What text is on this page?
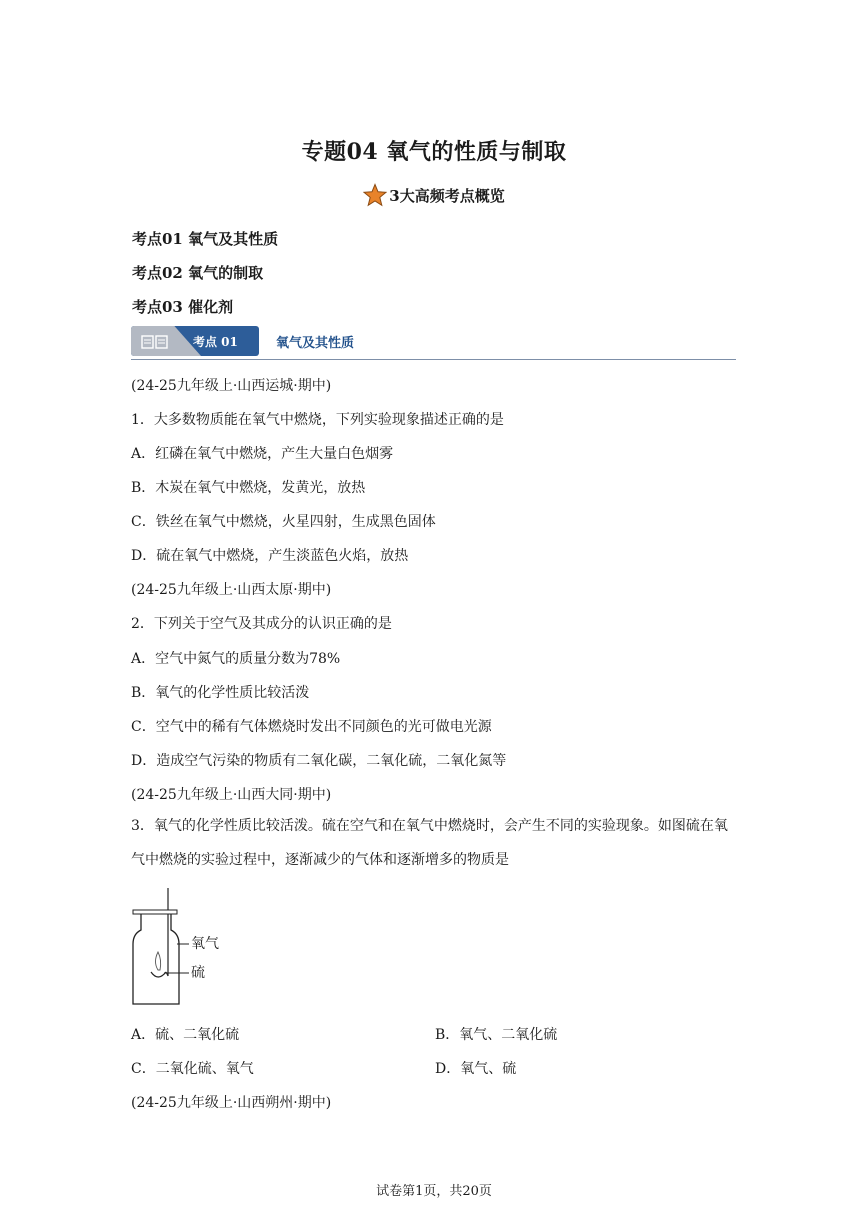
专题04 氧气的性质与制取
3大高频考点概览
考点01 氧气及其性质
考点02 氧气的制取
考点03 催化剂
考点 01	氧气及其性质
(24-25九年级上·山西运城·期中)
1．大多数物质能在氧气中燃烧，下列实验现象描述正确的是
A．红磷在氧气中燃烧，产生大量白色烟雾
B．木炭在氧气中燃烧，发黄光，放热
C．铁丝在氧气中燃烧，火星四射，生成黑色固体
D．硫在氧气中燃烧，产生淡蓝色火焰，放热
(24-25九年级上·山西太原·期中)
2．下列关于空气及其成分的认识正确的是
A．空气中氮气的质量分数为78%
B．氧气的化学性质比较活泼
C．空气中的稀有气体燃烧时发出不同颜色的光可做电光源
D．造成空气污染的物质有二氧化碳，二氧化硫，二氧化氮等
(24-25九年级上·山西大同·期中)
3．氧气的化学性质比较活泼。硫在空气和在氧气中燃烧时，会产生不同的实验现象。如图硫在氧气中燃烧的实验过程中，逐渐减少的气体和逐渐增多的物质是
氧气
硫
A．硫、二氧化硫	B．氧气、二氧化硫
C．二氧化硫、氧气	D．氧气、硫
(24-25九年级上·山西朔州·期中)
试卷第1页，共20页
